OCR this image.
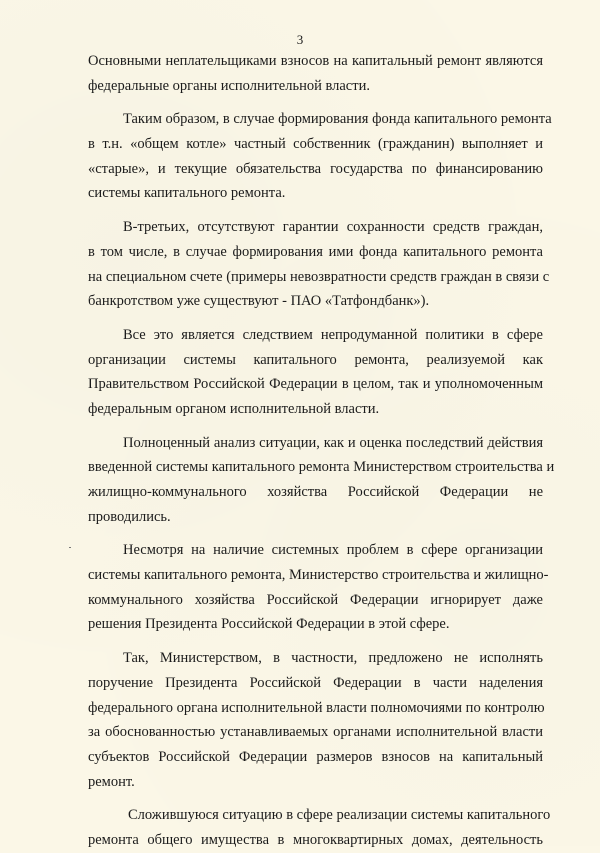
3

Основными неплательщиками взносов на капитальный ремонт являются
федеральные органы исполнительной власти.

Таким образом, в случае формирования фонда капитального ремонта
в т.н. «общем котле» частный собственник (гражданин) выполняет и
«старые», и текущие обязательства государства по финансированию
системы капитального ремонта.

В-третьих, отсутствуют гарантии сохранности средств граждан,
в том числе, в случае формирования ими фонда капитального ремонта
на специальном счете (примеры невозвратности средств граждан в связи с
банкротством уже существуют - ПАО «Татфондбанк»).

Все это является следствием непродуманной политики в сфере
организации системы капитального ремонта, реализуемой как
Правительством Российской Федерации в целом, так и уполномоченным
федеральным органом исполнительной власти.

Полноценный анализ ситуации, как и оценка последствий действия
введенной системы капитального ремонта Министерством строительства и
жилищно-коммунального хозяйства Российской Федерации не
проводились.

Несмотря на наличие системных проблем в сфере организации
системы капитального ремонта, Министерство строительства и жилищно-
коммунального хозяйства Российской Федерации игнорирует даже
решения Президента Российской Федерации в этой сфере.

Так, Министерством, в частности, предложено не исполнять
поручение Президента Российской Федерации в части наделения
федерального органа исполнительной власти полномочиями по контролю
за обоснованностью устанавливаемых органами исполнительной власти
субъектов Российской Федерации размеров взносов на капитальный
ремонт.

Сложившуюся ситуацию в сфере реализации системы капитального
ремонта общего имущества в многоквартирных домах, деятельность
